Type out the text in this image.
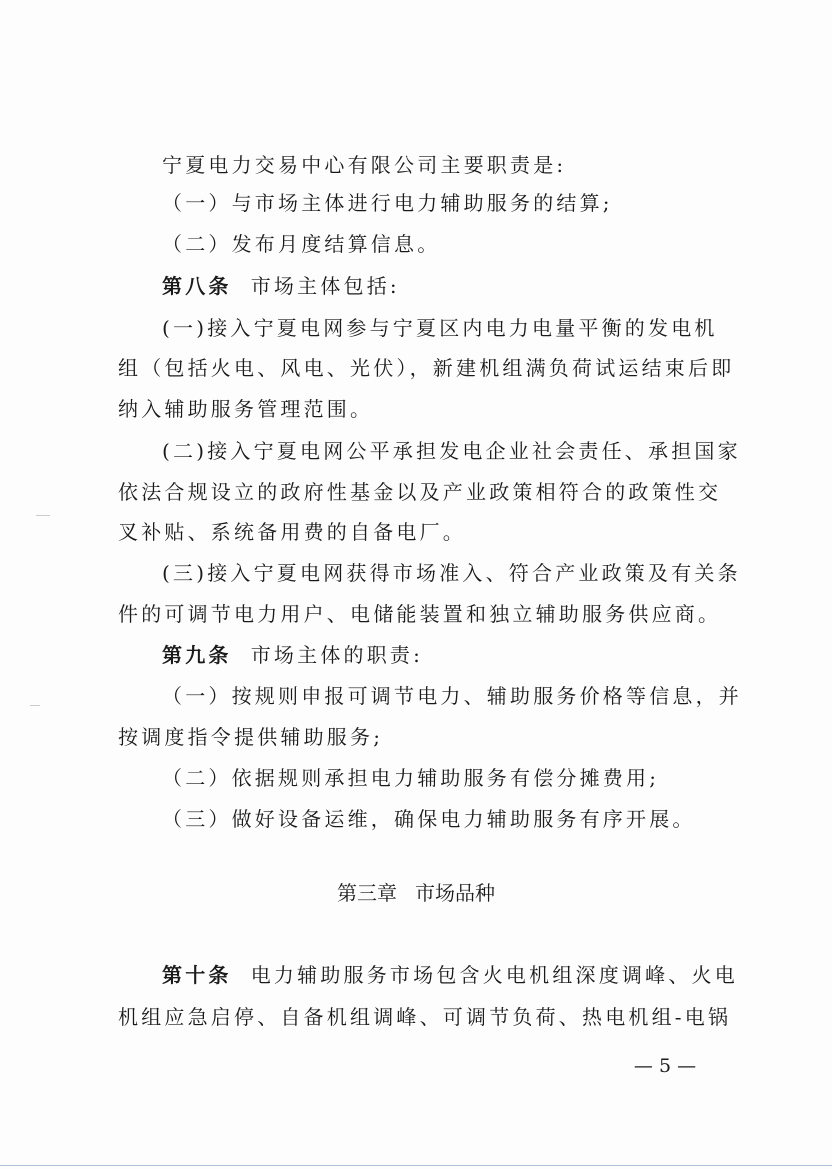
宁夏电力交易中心有限公司主要职责是:
（一）与市场主体进行电力辅助服务的结算;
（二）发布月度结算信息。
第八条 市场主体包括:
(一)接入宁夏电网参与宁夏区内电力电量平衡的发电机
组（包括火电、风电、光伏），新建机组满负荷试运结束后即
纳入辅助服务管理范围。
(二)接入宁夏电网公平承担发电企业社会责任、承担国家
依法合规设立的政府性基金以及产业政策相符合的政策性交
叉补贴、系统备用费的自备电厂。
(三)接入宁夏电网获得市场准入、符合产业政策及有关条
件的可调节电力用户、电储能装置和独立辅助服务供应商。
第九条 市场主体的职责:
（一）按规则申报可调节电力、辅助服务价格等信息，并
按调度指令提供辅助服务;
（二）依据规则承担电力辅助服务有偿分摊费用;
（三）做好设备运维，确保电力辅助服务有序开展。
第三章 市场品种
第十条 电力辅助服务市场包含火电机组深度调峰、火电
机组应急启停、自备机组调峰、可调节负荷、热电机组-电锅
— 5 —
